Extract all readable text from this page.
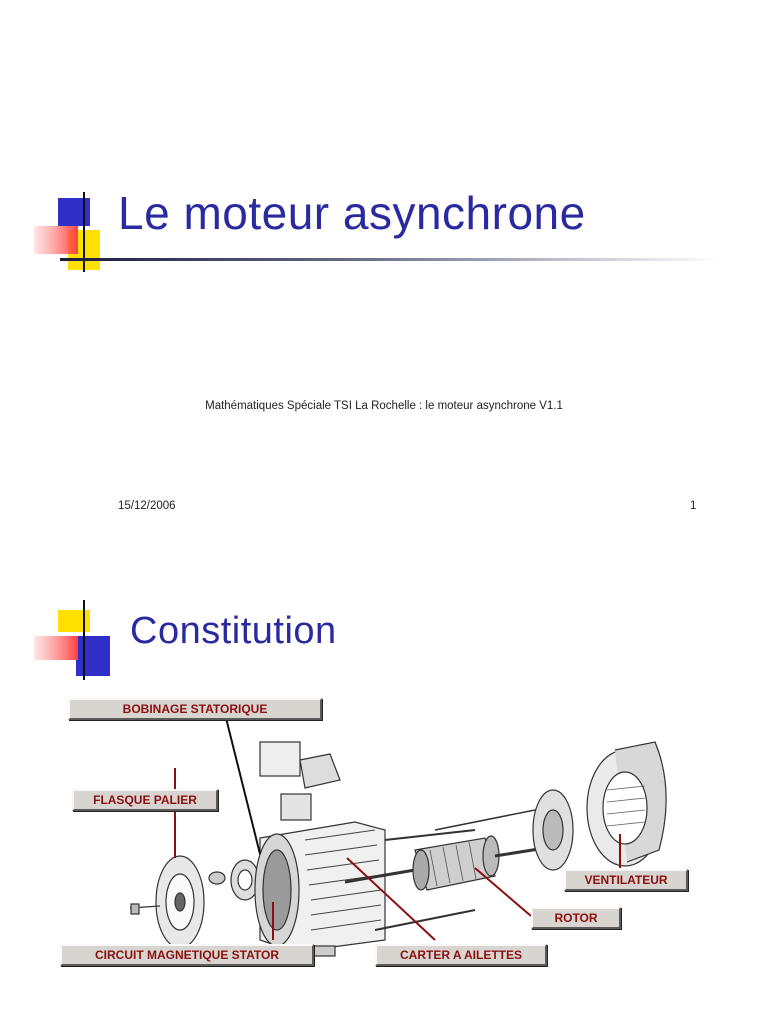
Le moteur asynchrone
Mathématiques Spéciale TSI La Rochelle : le moteur asynchrone V1.1
15/12/2006	1
Constitution
BOBINAGE STATORIQUE
FLASQUE PALIER
VENTILATEUR
ROTOR
CIRCUIT MAGNETIQUE STATOR	CARTER A AILETTES
